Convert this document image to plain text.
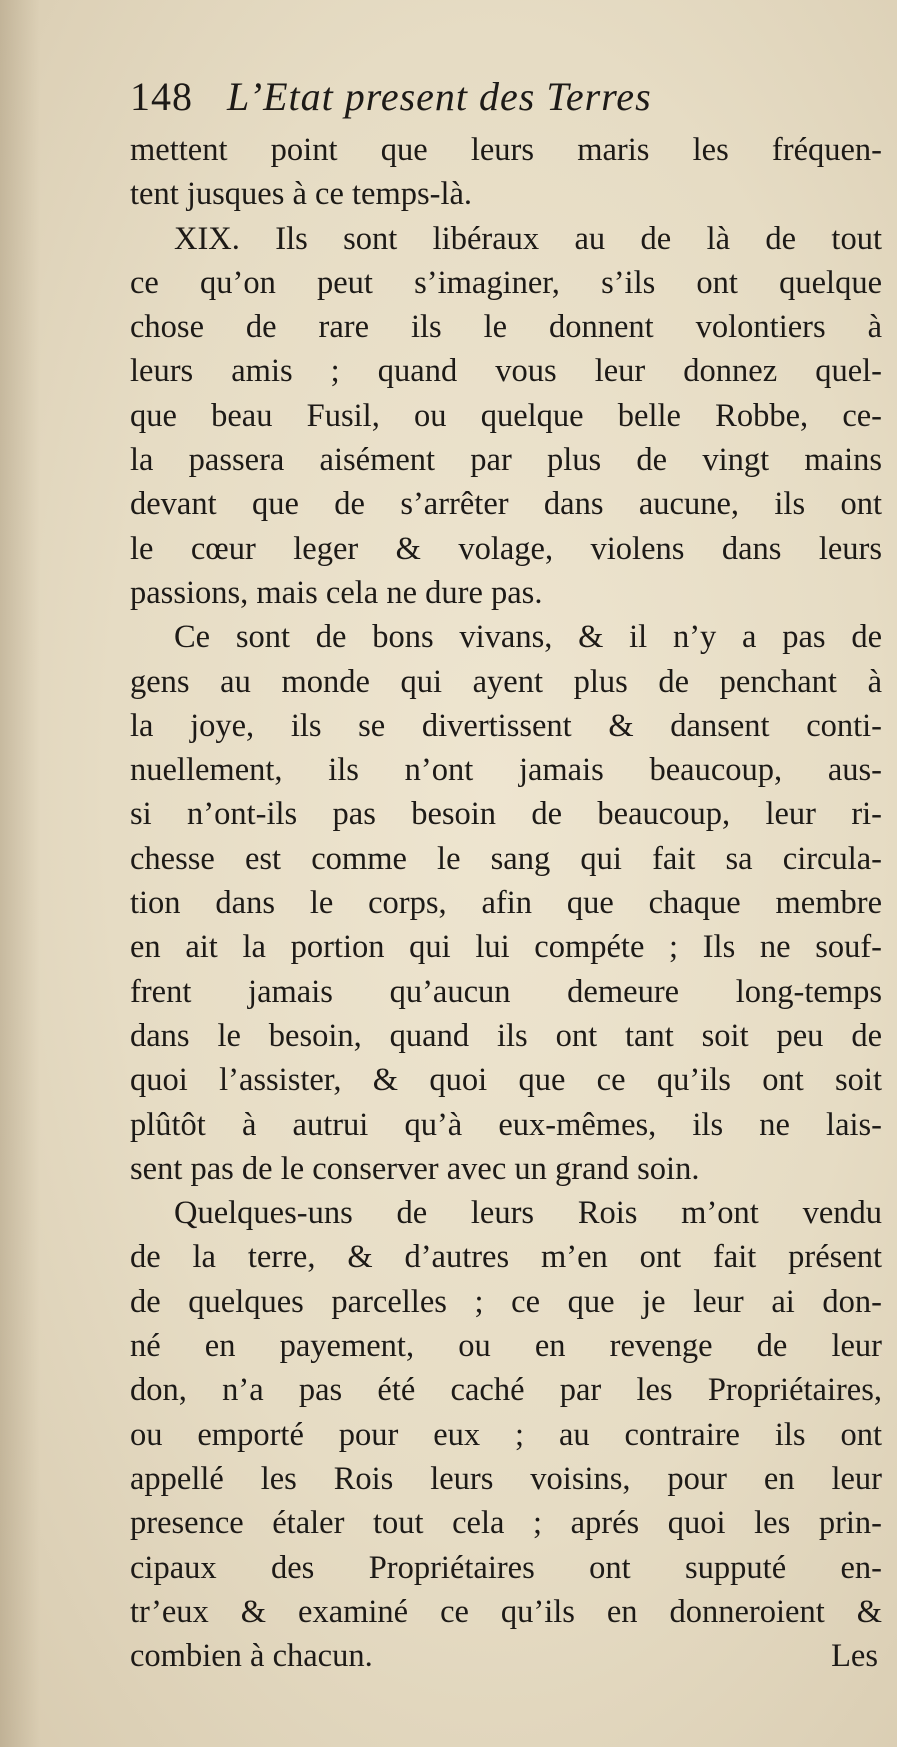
148 L’Etat present des Terres
mettent point que leurs maris les fréquen-
tent jusques à ce temps-là.
XIX. Ils sont libéraux au de là de tout
ce qu’on peut s’imaginer, s’ils ont quelque
chose de rare ils le donnent volontiers à
leurs amis ; quand vous leur donnez quel-
que beau Fusil, ou quelque belle Robbe, ce-
la passera aisément par plus de vingt mains
devant que de s’arrêter dans aucune, ils ont
le cœur leger & volage, violens dans leurs
passions, mais cela ne dure pas.
Ce sont de bons vivans, & il n’y a pas de
gens au monde qui ayent plus de penchant à
la joye, ils se divertissent & dansent conti-
nuellement, ils n’ont jamais beaucoup, aus-
si n’ont-ils pas besoin de beaucoup, leur ri-
chesse est comme le sang qui fait sa circula-
tion dans le corps, afin que chaque membre
en ait la portion qui lui compéte ; Ils ne souf-
frent jamais qu’aucun demeure long-temps
dans le besoin, quand ils ont tant soit peu de
quoi l’assister, & quoi que ce qu’ils ont soit
plûtôt à autrui qu’à eux-mêmes, ils ne lais-
sent pas de le conserver avec un grand soin.
Quelques-uns de leurs Rois m’ont vendu
de la terre, & d’autres m’en ont fait présent
de quelques parcelles ; ce que je leur ai don-
né en payement, ou en revenge de leur
don, n’a pas été caché par les Propriétaires,
ou emporté pour eux ; au contraire ils ont
appellé les Rois leurs voisins, pour en leur
presence étaler tout cela ; aprés quoi les prin-
cipaux des Propriétaires ont supputé en-
tr’eux & examiné ce qu’ils en donneroient &
combien à chacun.	Les
